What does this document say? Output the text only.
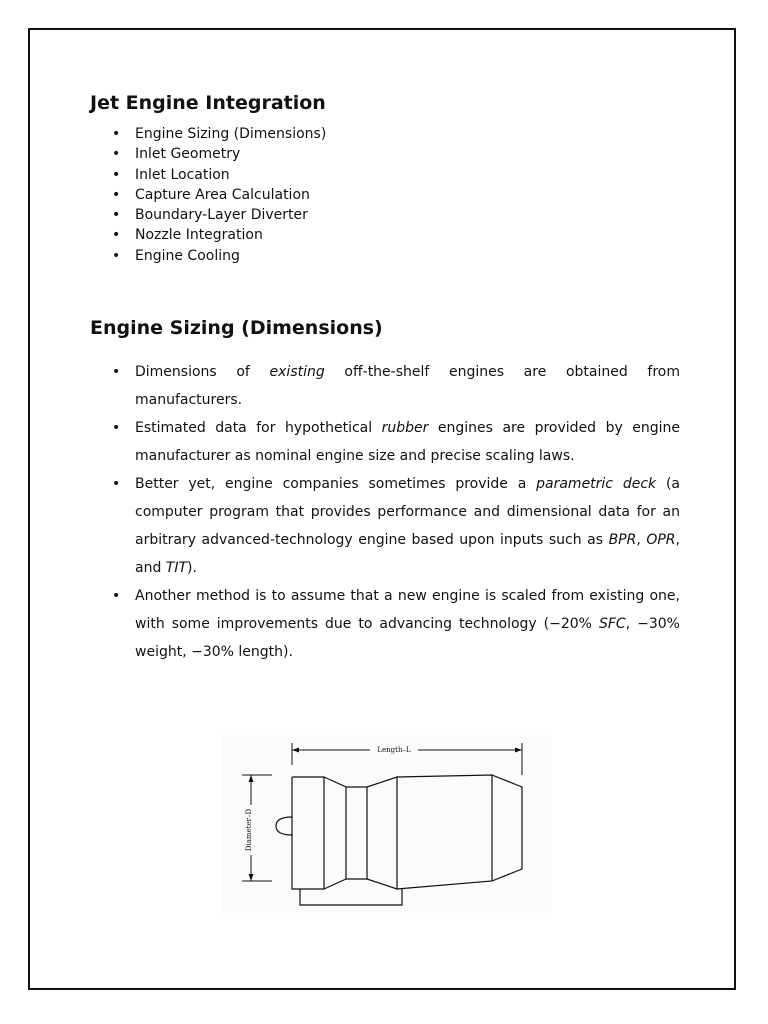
Jet Engine Integration
• Engine Sizing (Dimensions)
• Inlet Geometry
• Inlet Location
• Capture Area Calculation
• Boundary-Layer Diverter
• Nozzle Integration
• Engine Cooling
Engine Sizing (Dimensions)
• Dimensions of existing off-the-shelf engines are obtained from manufacturers.
• Estimated data for hypothetical rubber engines are provided by engine manufacturer as nominal engine size and precise scaling laws.
• Better yet, engine companies sometimes provide a parametric deck (a computer program that provides performance and dimensional data for an arbitrary advanced-technology engine based upon inputs such as BPR, OPR, and TIT).
• Another method is to assume that a new engine is scaled from existing one, with some improvements due to advancing technology (−20% SFC, −30% weight, −30% length).
Length–L
Diameter–D
